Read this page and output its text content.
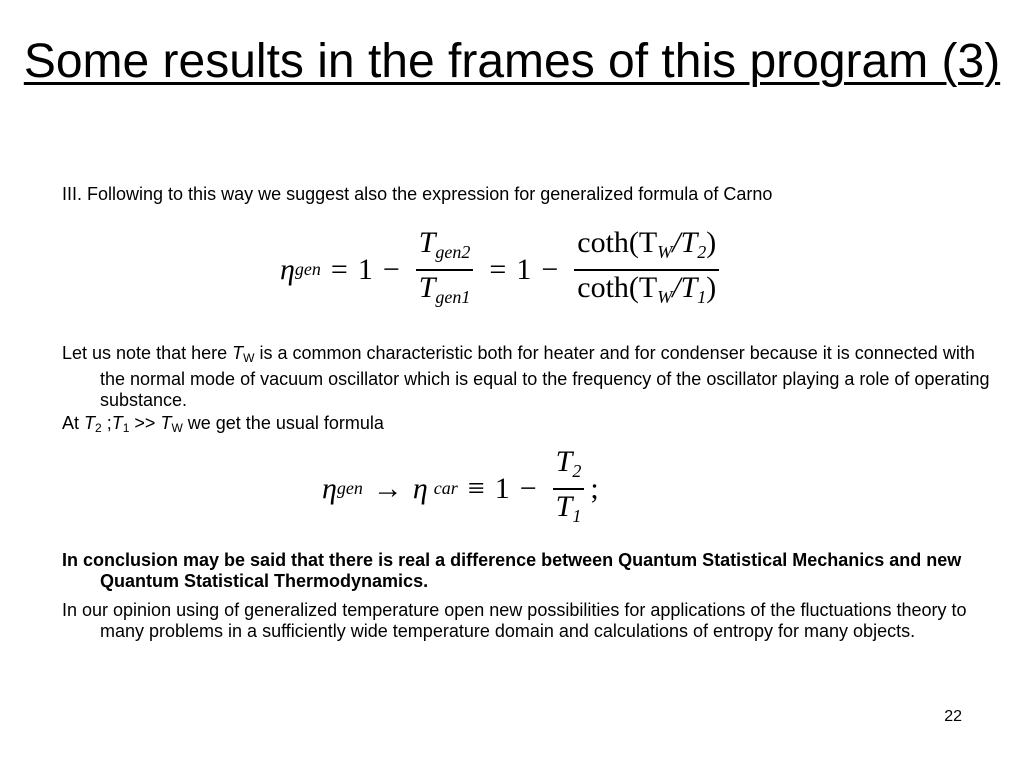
Some results in the frames of this program (3)
III. Following to this way we suggest also the expression for generalized formula of Carno
η gen = $1 - \frac{T_{gen2}}{T_{gen1}} = 1 - \frac{\cot h(T_W/T_2)}{\cot h(T_W/T_1)}$
Let us note that here TW is a common characteristic both for heater and for condenser because it is connected with the normal mode of vacuum oscillator which is equal to the frequency of the oscillator playing a role of operating substance.
At T2 ;T1 >> TW we get the usual formula
η gen → η car ≡ $1 - \frac{T_2}{T_1}$ ;
In conclusion may be said that there is real a difference between Quantum Statistical Mechanics and new Quantum Statistical Thermodynamics.
In our opinion using of generalized temperature open new possibilities for applications of the fluctuations theory to many problems in a sufficiently wide temperature domain and calculations of entropy for many objects.
22
